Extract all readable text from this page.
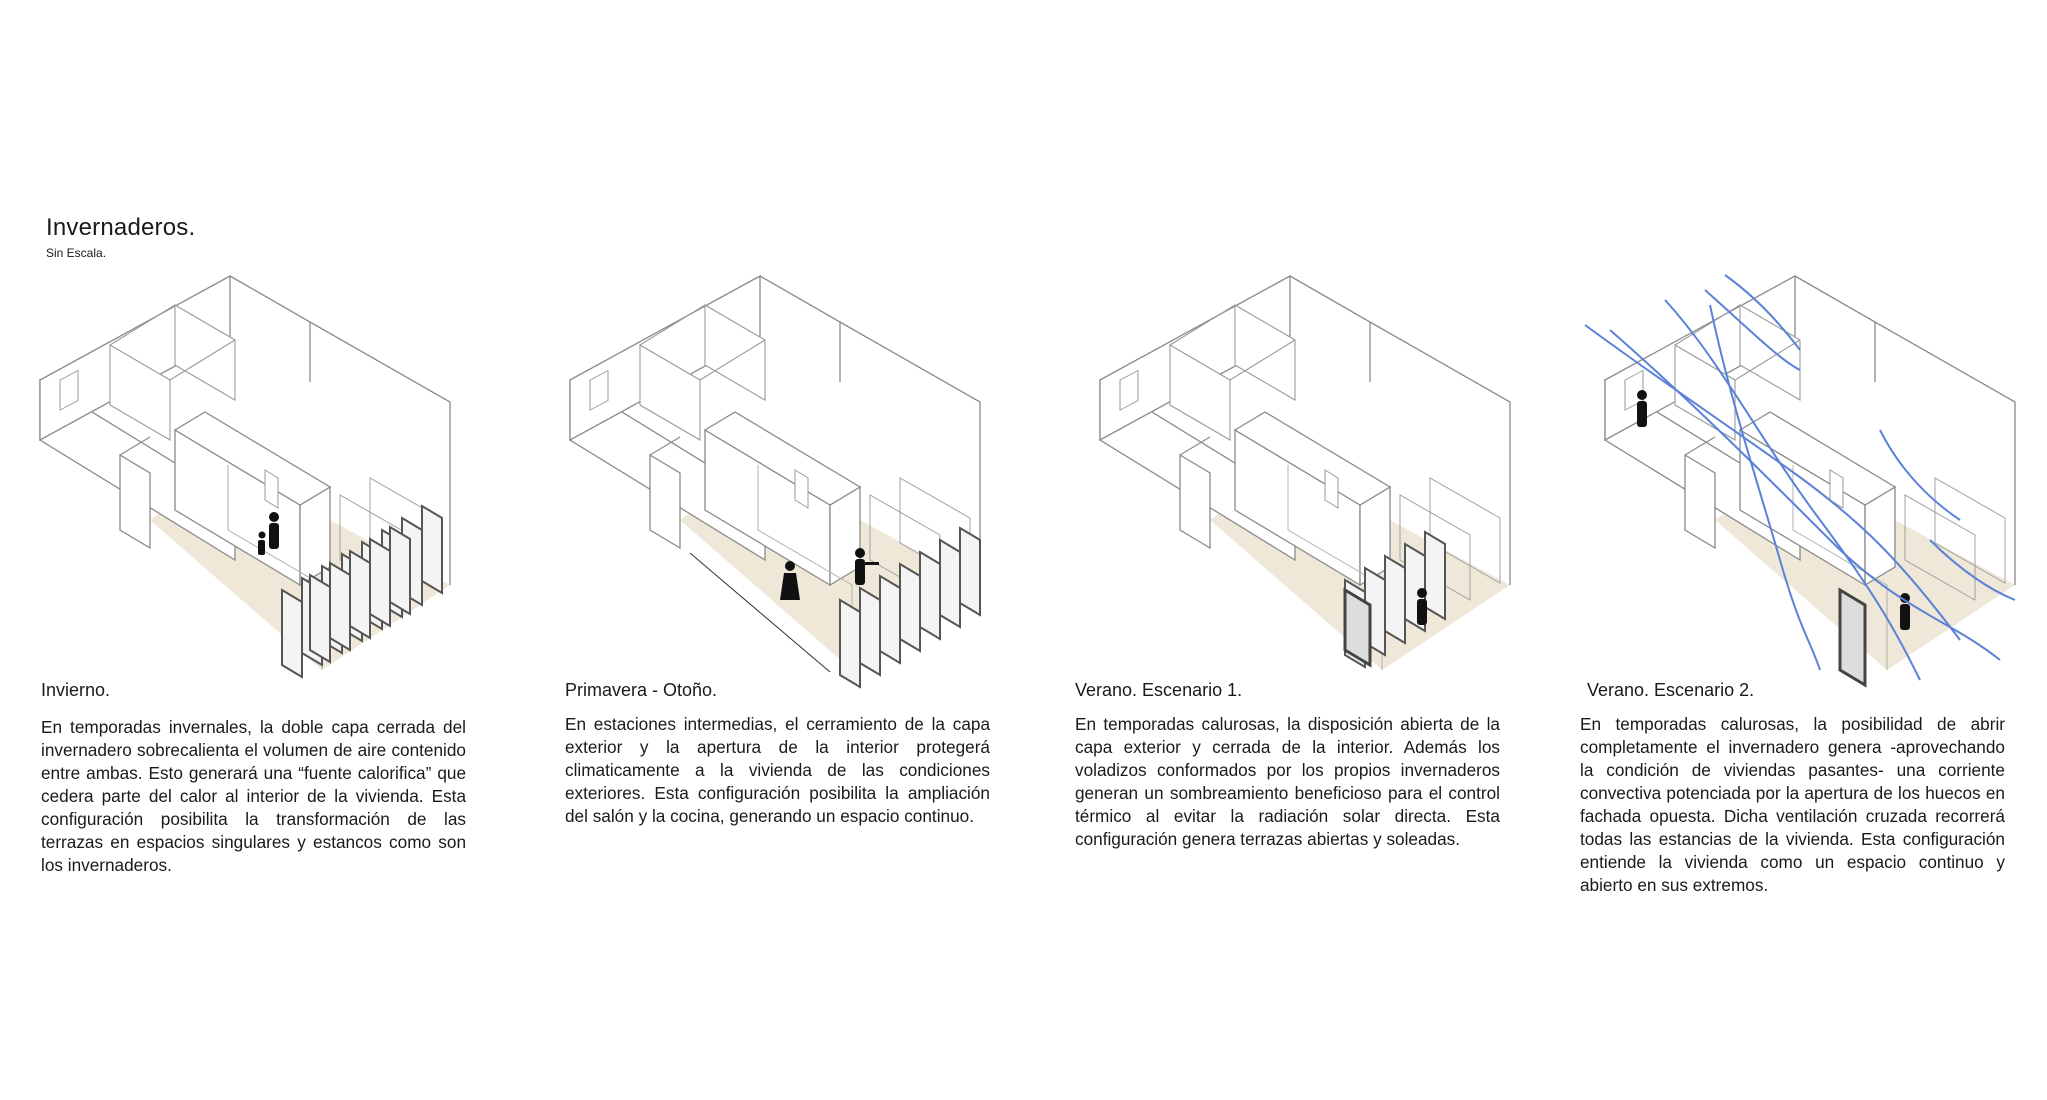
Invernaderos.
Sin Escala.
Invierno.

En temporadas invernales, la doble capa cerrada del invernadero sobrecalienta el volumen de aire contenido entre ambas. Esto generará una “fuente calorifica” que cedera parte del calor al interior de la vivienda. Esta configuración posibilita la transformación de las terrazas en espacios singulares y estancos como son los invernaderos.

Primavera - Otoño.

En estaciones intermedias, el cerramiento de la capa exterior y la apertura de la interior protegerá climaticamente a la vivienda de las condiciones exteriores. Esta configuración posibilita la ampliación del salón y la cocina, generando un espacio continuo.

Verano. Escenario 1.

En temporadas calurosas, la disposición abierta de la capa exterior y cerrada de la interior. Además los voladizos conformados por los propios invernaderos generan un sombreamiento beneficioso para el control térmico al evitar la radiación solar directa. Esta configuración genera terrazas abiertas y soleadas.

Verano. Escenario 2.

En temporadas calurosas, la posibilidad de abrir completamente el invernadero genera -aprovechando la condición de viviendas pasantes- una corriente convectiva potenciada por la apertura de los huecos en fachada opuesta. Dicha ventilación cruzada recorrerá todas las estancias de la vivienda. Esta configuración entiende la vivienda como un espacio continuo y abierto en sus extremos.
